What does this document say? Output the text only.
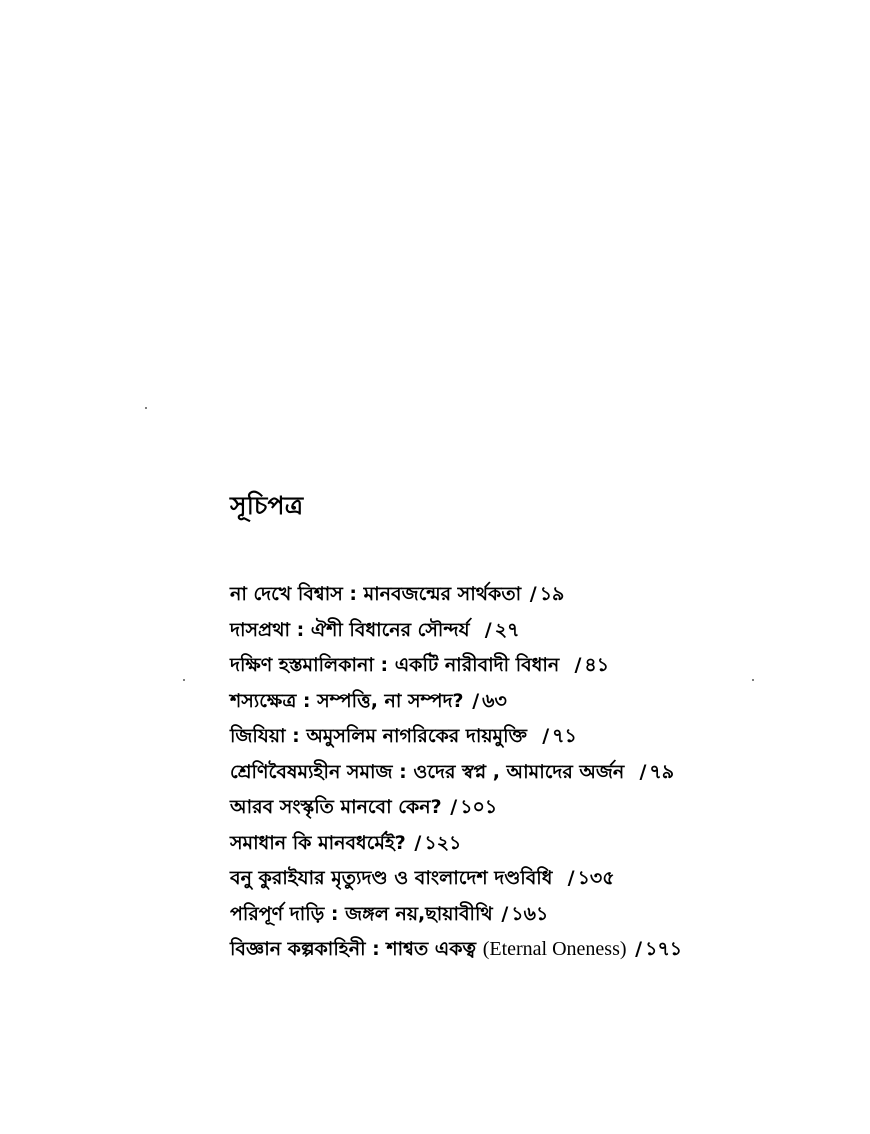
সূচিপত্র
না দেখে বিশ্বাস : মানবজন্মের সার্থকতা / ১৯
দাসপ্রথা : ঐশী বিধানের সৌন্দর্য / ২৭
দক্ষিণ হস্তমালিকানা : একটি নারীবাদী বিধান / ৪১
শস্যক্ষেত্র : সম্পত্তি, না সম্পদ? / ৬৩
জিযিয়া : অমুসলিম নাগরিকের দায়মুক্তি / ৭১
শ্রেণিবৈষম্যহীন সমাজ : ওদের স্বপ্ন , আমাদের অর্জন / ৭৯
আরব সংস্কৃতি মানবো কেন? / ১০১
সমাধান কি মানবধর্মেই? / ১২১
বনু কুরাইযার মৃত্যুদণ্ড ও বাংলাদেশ দণ্ডবিধি / ১৩৫
পরিপূর্ণ দাড়ি : জঙ্গল নয়,ছায়াবীথি / ১৬১
বিজ্ঞান কল্পকাহিনী : শাশ্বত একত্ব (Eternal Oneness) / ১৭১
